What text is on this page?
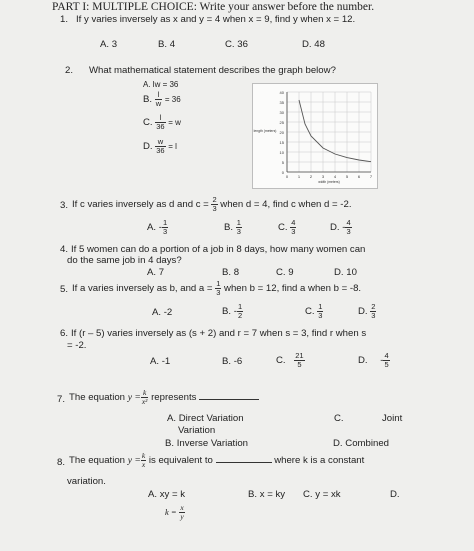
PART I: MULTIPLE CHOICE: Write your answer before the number.
1. If y varies inversely as x and y = 4 when x = 9, find y when x = 12.
A. 3	B. 4	C. 36	D. 48
2. What mathematical statement describes the graph below?
A. lw = 36
B. $\frac{l}{w} = 36$
C. $\frac{l}{36} = w$
D. $\frac{w}{36} = l$
40
35
30
25
20
15
10
5
0
0 1 2 3 4 5 6 7
length (meters)
width (meters)
3. If c varies inversely as d and $c = \frac{2}{3}$ when d = 4, find c when d = -2.
A. - $\frac{1}{3}$	B. $\frac{1}{3}$	C. $\frac{4}{3}$	D. - $\frac{4}{3}$
4. If 5 women can do a portion of a job in 8 days, how many women can
do the same job in 4 days?
A. 7	B. 8	C. 9	D. 10
5. If a varies inversely as b, and $a = \frac{1}{3}$ when b = 12, find a when b = -8.
A. -2	B. - $\frac{1}{2}$	C. $\frac{1}{3}$	D. $\frac{2}{3}$
6. If (r – 5) varies inversely as (s + 2) and r = 7 when s = 3, find r when s
= -2.
A. -1	B. -6	C. $\frac{21}{5}$	D. - $\frac{4}{5}$
7. The equation $y = \frac{k}{\text{x²}}$ represents
A. Direct Variation
Variation
B. Inverse Variation
C.	Joint
D. Combined
8. The equation $y = \frac{k}{x}$ is equivalent to	where k is a constant
variation.
A. xy = k	B. x = ky C. y = xk	D.
$k = \frac{x}{y}$
